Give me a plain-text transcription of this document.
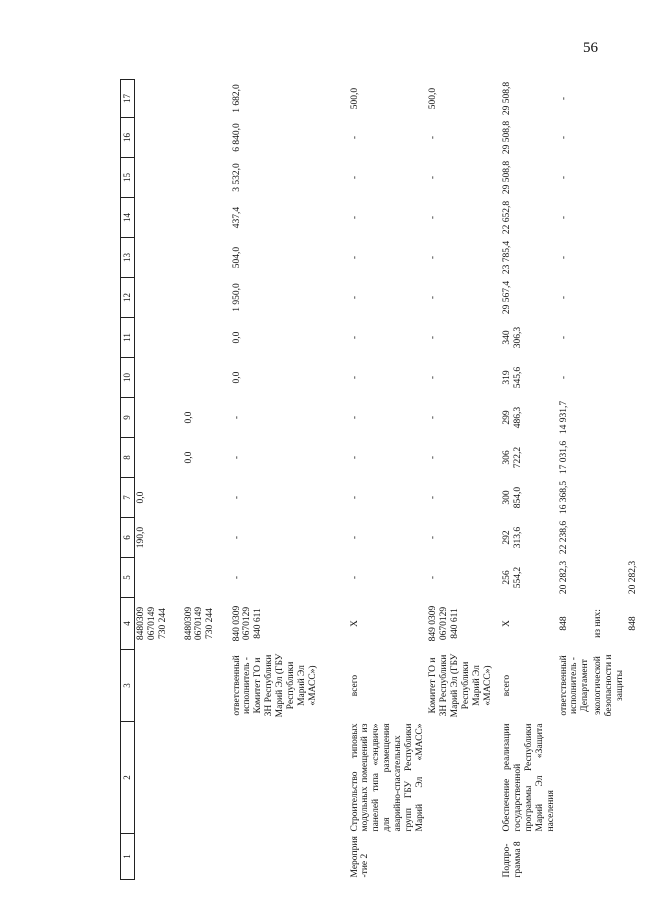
56
1	2	3	4	5	6	7	8	9	10	11	12	13	14	15	16	17
			8480309
0670149
730 244		190,0	0,0										
			8480309
0670149
730 244				0,0	0,0								
		ответственный исполнитель - Комитет ГО и ЗН Республики Марий Эл (ГБУ Республики Марий Эл «МАСС»)	840 0309
0670129
840 611	-	-	-	-	-	0,0	0,0	1 950,0	504,0	437,4	3 532,0	6 840,0	1 682,0
Мероприя-тие 2	Строительство типовых модульных помещений из панелей типа «сэндвич» для размещения аварийно-спасательных групп ГБУ Республики Марий Эл «МАСС»	всего	X	-	-	-	-	-	-	-	-	-	-	-	-	500,0
		Комитет ГО и ЗН Республики Марий Эл (ГБУ Республики Марий Эл «МАСС»)	849 0309
0670129
840 611	-	-	-	-	-	-	-	-	-	-	-	-	500,0
Подпро-грамма 8	Обеспечение реализации государственной программы Республики Марий Эл «Защита населения	всего	X	256 554,2	292 313,6	300 854,0	306 722,2	299 486,3	319 545,6	340 306,3	29 567,4	23 785,4	22 652,8	29 508,8	29 508,8	29 508,8
		ответственный исполнитель - Департамент	848	20 282,3	22 238,6	16 368,5	17 031,6	14 931,7	-	-	-	-	-	-	-	-
		экологической безопасности и защиты	из них:													
			848	20 282,3												
